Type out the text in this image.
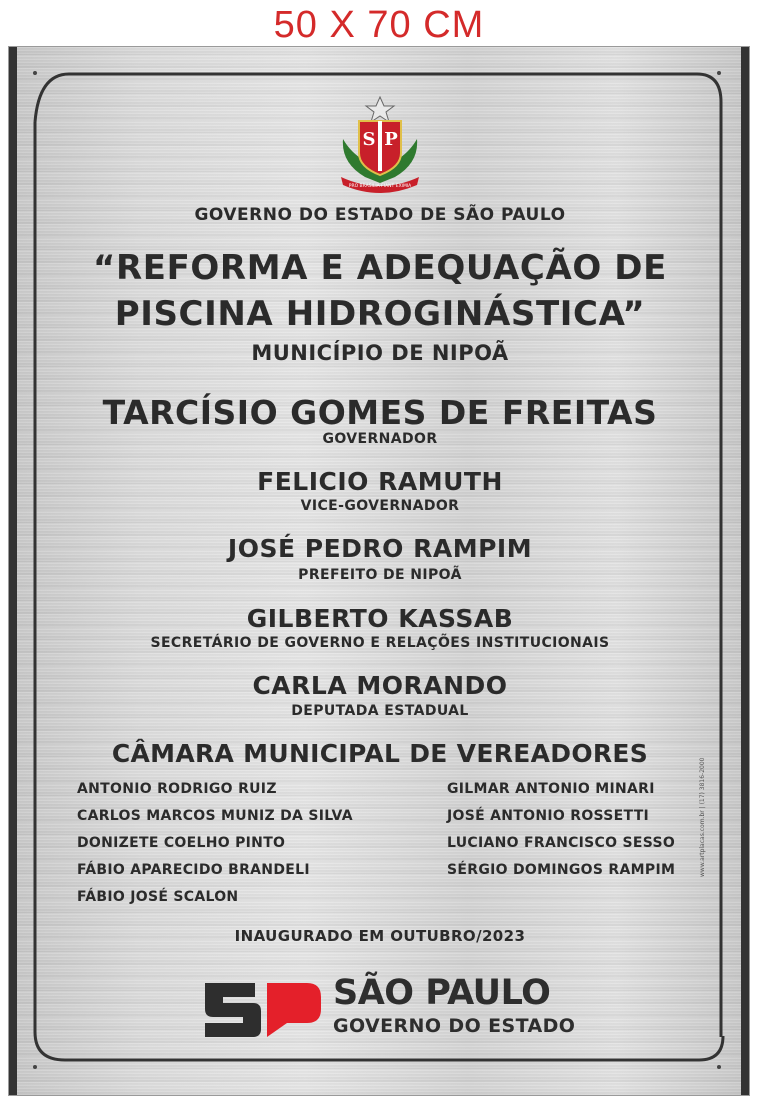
50 X 70 CM
S P
PRO BRASILIA FIANT EXIMIA
GOVERNO DO ESTADO DE SÃO PAULO
“REFORMA E ADEQUAÇÃO DE
PISCINA HIDROGINÁSTICA”
MUNICÍPIO DE NIPOÃ
TARCÍSIO GOMES DE FREITAS
GOVERNADOR
FELICIO RAMUTH
VICE-GOVERNADOR
JOSÉ PEDRO RAMPIM
PREFEITO DE NIPOÃ
GILBERTO KASSAB
SECRETÁRIO DE GOVERNO E RELAÇÕES INSTITUCIONAIS
CARLA MORANDO
DEPUTADA ESTADUAL
CÂMARA MUNICIPAL DE VEREADORES
ANTONIO RODRIGO RUIZ
CARLOS MARCOS MUNIZ DA SILVA
DONIZETE COELHO PINTO
FÁBIO APARECIDO BRANDELI
FÁBIO JOSÉ SCALON
GILMAR ANTONIO MINARI
JOSÉ ANTONIO ROSSETTI
LUCIANO FRANCISCO SESSO
SÉRGIO DOMINGOS RAMPIM
INAUGURADO EM OUTUBRO/2023
SÃO PAULO
GOVERNO DO ESTADO
www.artplacas.com.br | (17) 3816-2000
